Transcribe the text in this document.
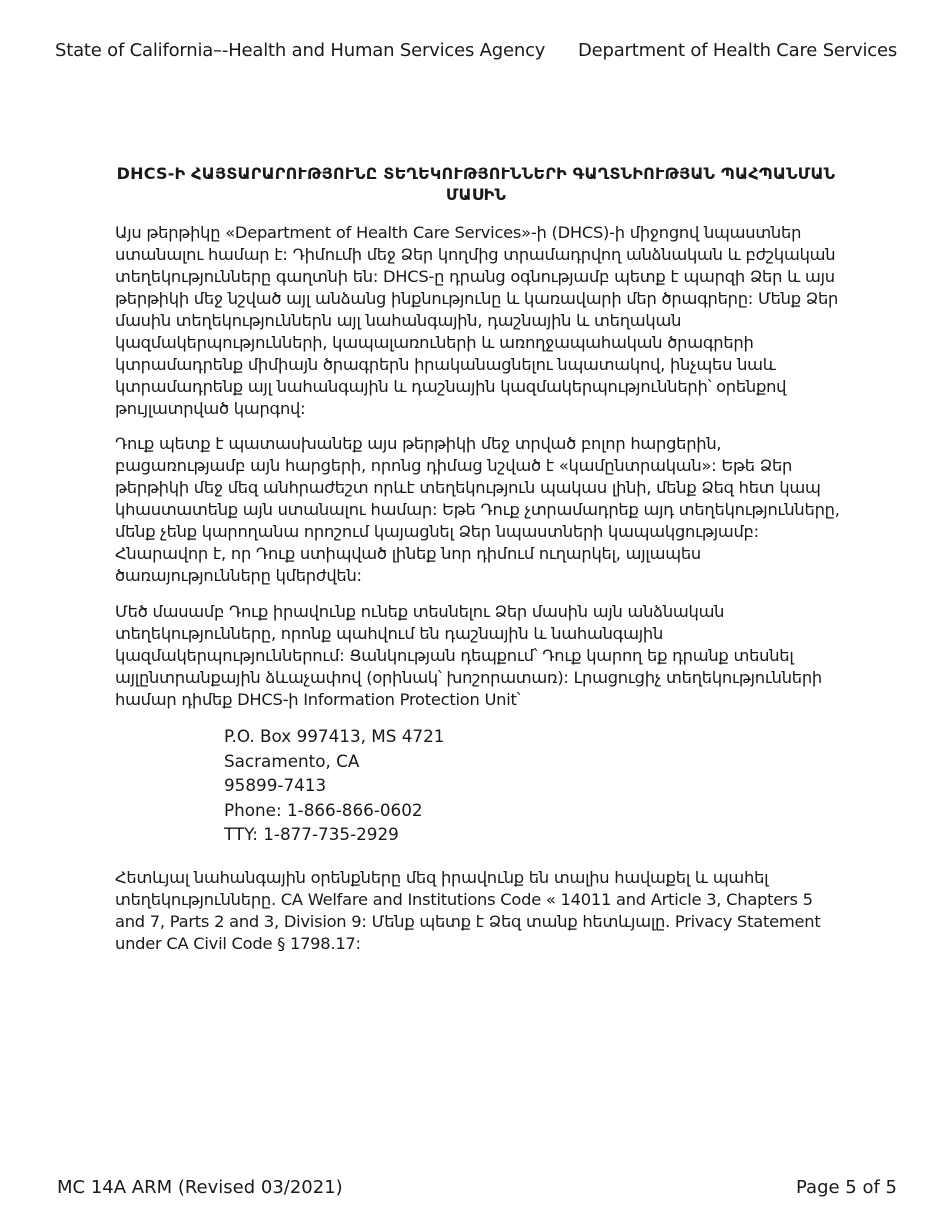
State of California–-Health and Human Services Agency Department of Health Care Services
DHCS-Ի ՀԱՅՏԱՐԱՐՈՒԹՅՈՒՆԸ ՏԵՂԵԿՈՒԹՅՈՒՆՆԵՐԻ ԳԱՂՏՆԻՈՒԹՅԱՆ ՊԱՀՊԱՆՄԱՆ ՄԱՍԻՆ
Այս թերթիկը «Department of Health Care Services»-ի (DHCS)-ի միջոցով նպաստներ ստանալու համար է: Դիմումի մեջ Ձեր կողմից տրամադրվող անձնական և բժշկական տեղեկությունները գաղտնի են: DHCS-ը դրանց օգնությամբ պետք է պարզի Ձեր և այս թերթիկի մեջ նշված այլ անձանց ինքնությունը և կառավարի մեր ծրագրերը: Մենք Ձեր մասին տեղեկություններն այլ նահանգային, դաշնային և տեղական կազմակերպությունների, կապալառուների և առողջապահական ծրագրերի կտրամադրենք միմիայն ծրագրերն իրականացնելու նպատակով, ինչպես նաև կտրամադրենք այլ նահանգային և դաշնային կազմակերպությունների՝ օրենքով թույլատրված կարգով:
Դուք պետք է պատասխանեք այս թերթիկի մեջ տրված բոլոր հարցերին, բացառությամբ այն հարցերի, որոնց դիմաց նշված է «կամընտրական»: Եթե Ձեր թերթիկի մեջ մեզ անհրաժեշտ որևէ տեղեկություն պակաս լինի, մենք Ձեզ հետ կապ կհաստատենք այն ստանալու համար: Եթե Դուք չտրամադրեք այդ տեղեկությունները, մենք չենք կարողանա որոշում կայացնել Ձեր նպաստների կապակցությամբ: Հնարավոր է, որ Դուք ստիպված լինեք նոր դիմում ուղարկել, այլապես ծառայությունները կմերժվեն:
Մեծ մասամբ Դուք իրավունք ունեք տեսնելու Ձեր մասին այն անձնական տեղեկությունները, որոնք պահվում են դաշնային և նահանգային կազմակերպություններում: Ցանկության դեպքում՝ Դուք կարող եք դրանք տեսնել այլընտրանքային ձևաչափով (օրինակ՝ խոշորատառ): Լրացուցիչ տեղեկությունների համար դիմեք DHCS-ի Information Protection Unit՝
P.O. Box 997413, MS 4721
Sacramento, CA
95899-7413
Phone: 1-866-866-0602
TTY: 1-877-735-2929
Հետևյալ նահանգային օրենքները մեզ իրավունք են տալիս հավաքել և պահել տեղեկությունները. CA Welfare and Institutions Code « 14011 and Article 3, Chapters 5 and 7, Parts 2 and 3, Division 9: Մենք պետք է Ձեզ տանք հետևյալը. Privacy Statement under CA Civil Code § 1798.17:
MC 14A ARM (Revised 03/2021)	Page 5 of 5
